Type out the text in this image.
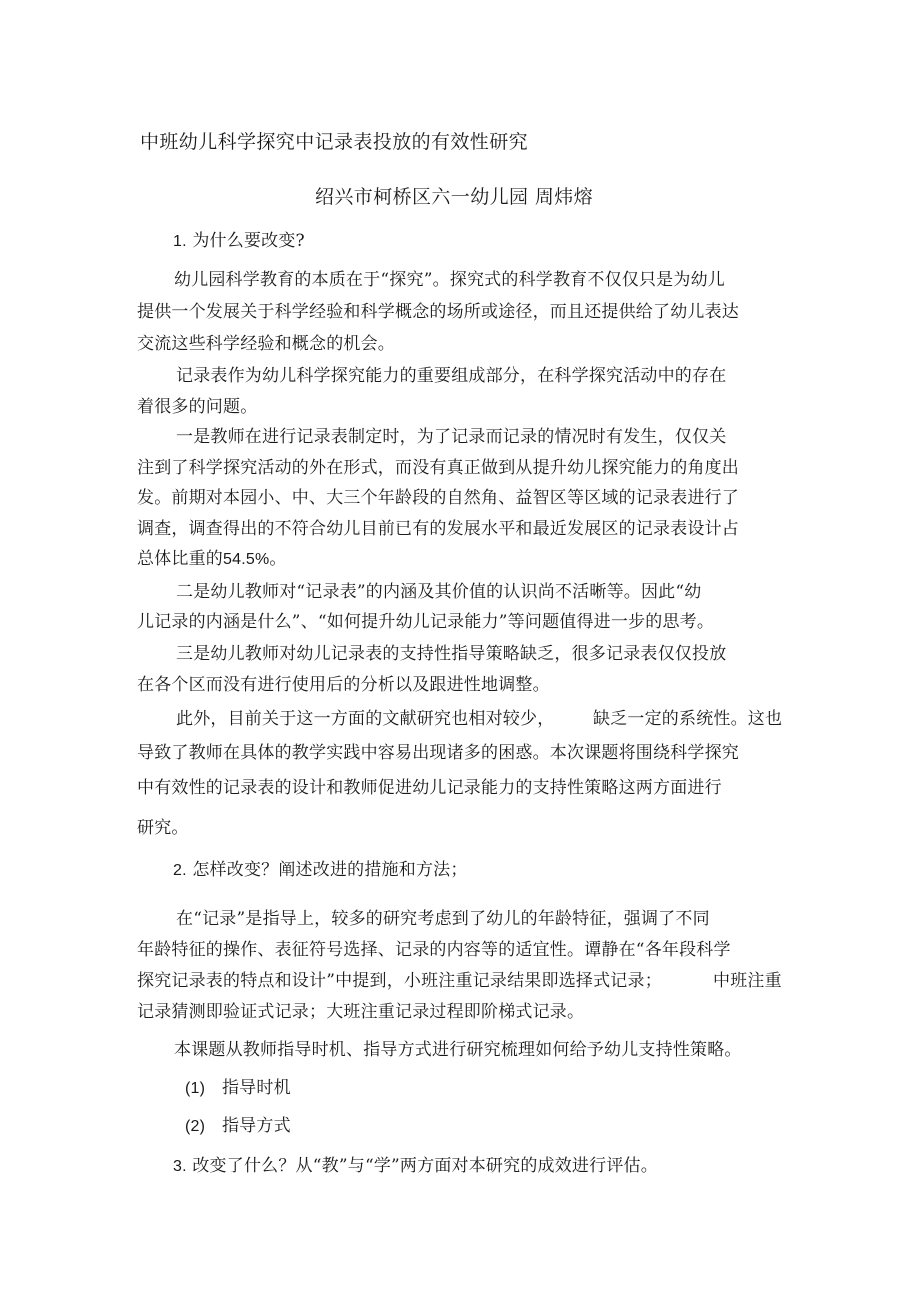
中班幼儿科学探究中记录表投放的有效性研究
绍兴市柯桥区六一幼儿园 周炜熔
1. 为什么要改变?
幼儿园科学教育的本质在于“探究”。探究式的科学教育不仅仅只是为幼儿
提供一个发展关于科学经验和科学概念的场所或途径，而且还提供给了幼儿表达
交流这些科学经验和概念的机会。
记录表作为幼儿科学探究能力的重要组成部分，在科学探究活动中的存在
着很多的问题。
一是教师在进行记录表制定时，为了记录而记录的情况时有发生，仅仅关
注到了科学探究活动的外在形式，而没有真正做到从提升幼儿探究能力的角度出
发。前期对本园小、中、大三个年龄段的自然角、益智区等区域的记录表进行了
调查，调查得出的不符合幼儿目前已有的发展水平和最近发展区的记录表设计占
总体比重的54.5%。
二是幼儿教师对“记录表”的内涵及其价值的认识尚不活晰等。因此“幼
儿记录的内涵是什么”、“如何提升幼儿记录能力”等问题值得进一步的思考。
三是幼儿教师对幼儿记录表的支持性指导策略缺乏，很多记录表仅仅投放
在各个区而没有进行使用后的分析以及跟进性地调整。
此外，目前关于这一方面的文献研究也相对较少， 缺乏一定的系统性。这也
导致了教师在具体的教学实践中容易出现诸多的困惑。本次课题将围绕科学探究
中有效性的记录表的设计和教师促进幼儿记录能力的支持性策略这两方面进行
研究。
2. 怎样改变？阐述改进的措施和方法；
在“记录”是指导上，较多的研究考虑到了幼儿的年龄特征，强调了不同
年龄特征的操作、表征符号选择、记录的内容等的适宜性。谭静在“各年段科学
探究记录表的特点和设计”中提到，小班注重记录结果即选择式记录；	中班注重
记录猜测即验证式记录；大班注重记录过程即阶梯式记录。
本课题从教师指导时机、指导方式进行研究梳理如何给予幼儿支持性策略。
(1) 指导时机
(2) 指导方式
3. 改变了什么？从“教”与“学”两方面对本研究的成效进行评估。
